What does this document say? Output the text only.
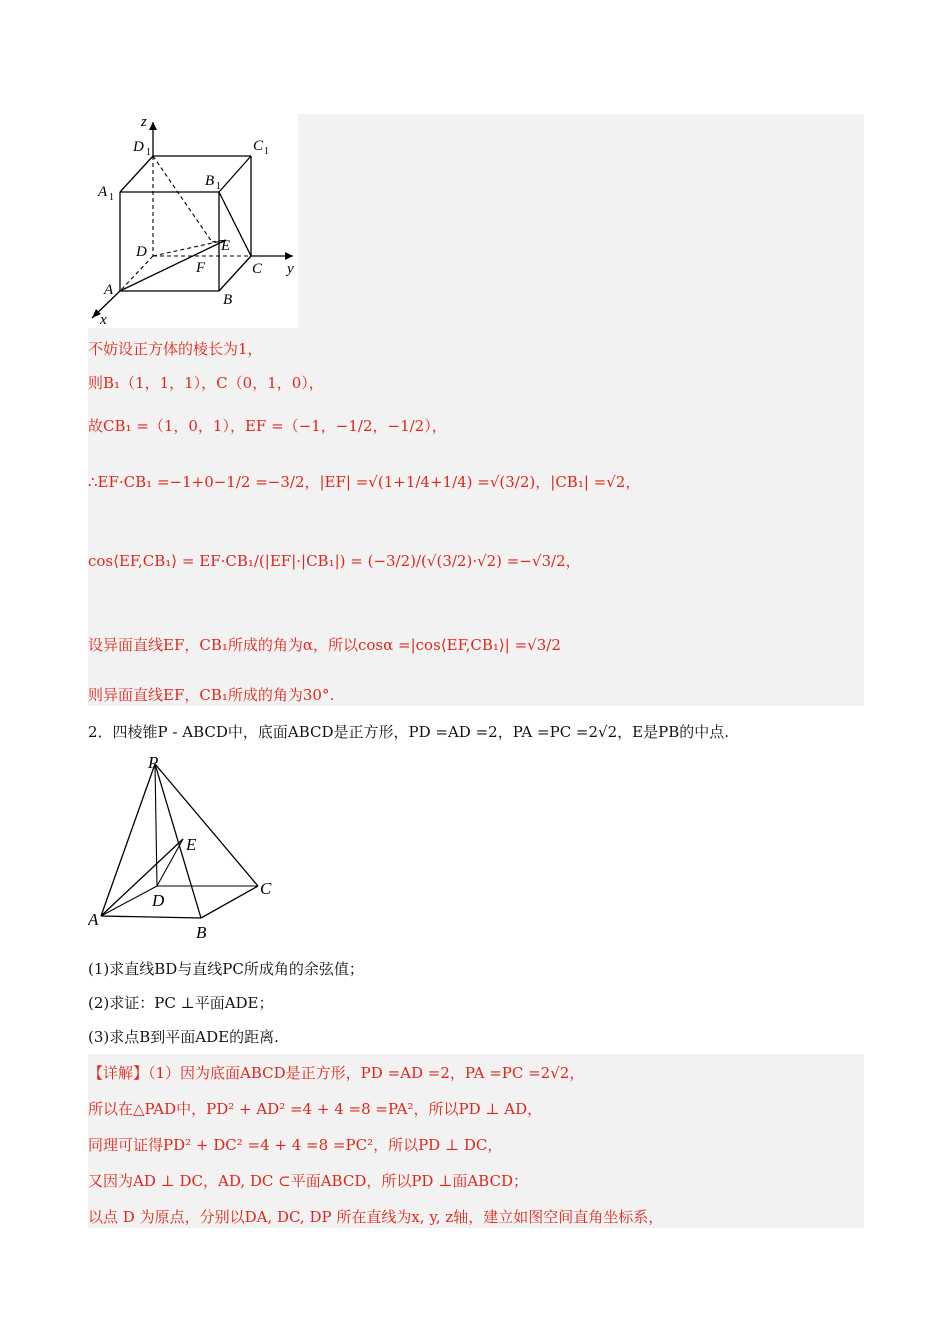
z
D	C
A
B
D	E
F	C y
A
B
x
1	1
1
1
不妨设正方体的棱长为1，
则B₁（1，1，1），C（0，1，0），
故CB₁ =（1，0，1），EF =（−1，−1/2，−1/2），
∴EF·CB₁ =−1+0−1/2 =−3/2，|EF| =√(1+1/4+1/4) =√(3/2)，|CB₁| =√2，
cos⟨EF,CB₁⟩ = EF·CB₁/(|EF|·|CB₁|) = (−3/2)/(√(3/2)·√2) =−√3/2，
设异面直线EF，CB₁所成的角为α，所以cosα =|cos⟨EF,CB₁⟩| =√3/2
则异面直线EF，CB₁所成的角为30°.
2．四棱锥P - ABCD中，底面ABCD是正方形，PD =AD =2，PA =PC =2√2，E是PB的中点.
P
E
C
D
A
B
(1)求直线BD与直线PC所成角的余弦值；
(2)求证：PC ⊥平面ADE；
(3)求点B到平面ADE的距离.
【详解】（1）因为底面ABCD是正方形，PD =AD =2，PA =PC =2√2，
所以在△PAD中，PD² + AD² =4 + 4 =8 =PA²，所以PD ⊥ AD，
同理可证得PD² + DC² =4 + 4 =8 =PC²，所以PD ⊥ DC，
又因为AD ⊥ DC，AD, DC ⊂平面ABCD，所以PD ⊥面ABCD；
以点 D 为原点，分别以DA, DC, DP 所在直线为x, y, z轴，建立如图空间直角坐标系，
